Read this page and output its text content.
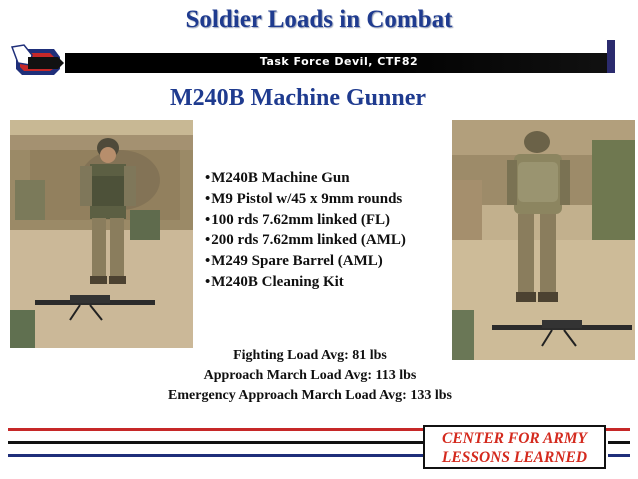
Soldier Loads in Combat
Task Force Devil, CTF82
M240B Machine Gunner
• M240B Machine Gun
• M9 Pistol w/45 x 9mm rounds
• 100 rds 7.62mm linked (FL)
• 200 rds 7.62mm linked (AML)
• M249 Spare Barrel (AML)
• M240B Cleaning Kit
Fighting Load Avg: 81 lbs
Approach March Load Avg: 113 lbs
Emergency Approach March Load Avg: 133 lbs
CENTER FOR ARMY
LESSONS LEARNED
